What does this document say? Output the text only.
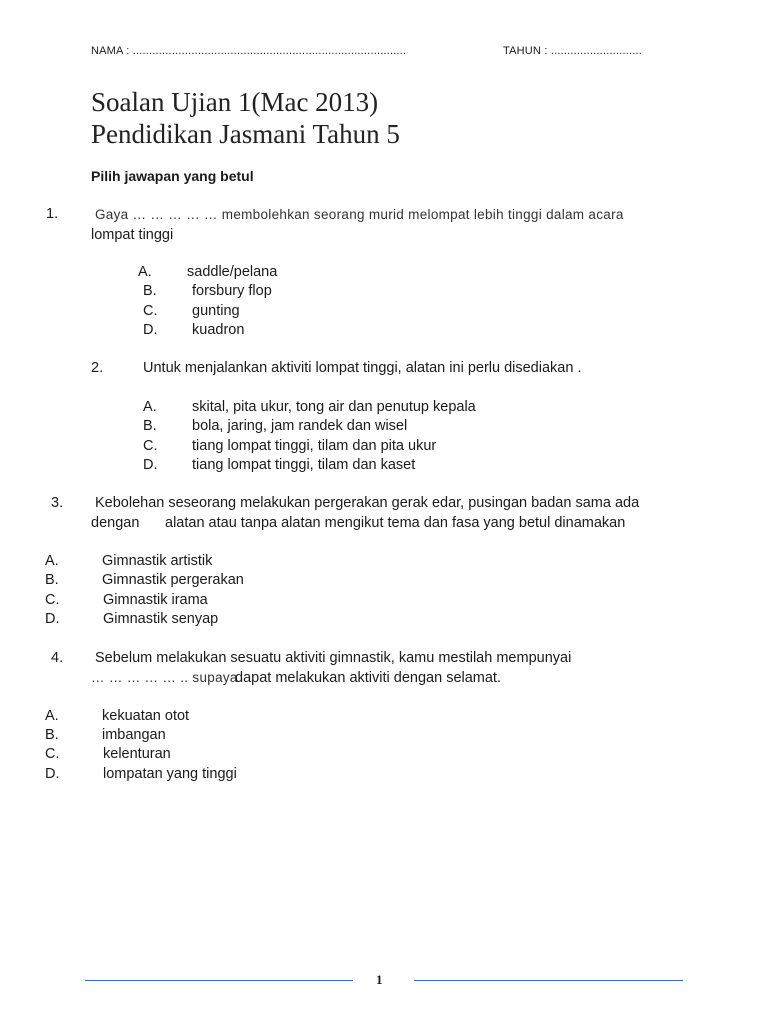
NAMA : ....................................................................................	TAHUN : ............................
Soalan Ujian 1(Mac 2013)
Pendidikan Jasmani Tahun 5
Pilih jawapan yang betul
1.	Gaya … … … … … membolehkan seorang murid melompat lebih tinggi dalam acara
lompat tinggi
A. saddle/pelana
B. forsbury flop
C. gunting
D. kuadron
2.	Untuk menjalankan aktiviti lompat tinggi, alatan ini perlu disediakan .
A. skital, pita ukur, tong air dan penutup kepala
B. bola, jaring, jam randek dan wisel
C. tiang lompat tinggi, tilam dan pita ukur
D. tiang lompat tinggi, tilam dan kaset
3. Kebolehan seseorang melakukan pergerakan gerak edar, pusingan badan sama ada
dengan alatan atau tanpa alatan mengikut tema dan fasa yang betul dinamakan
A.	Gimnastik artistik
B.	Gimnastik pergerakan
C.	Gimnastik irama
D.	Gimnastik senyap
4. Sebelum melakukan sesuatu aktiviti gimnastik, kamu mestilah mempunyai
… … … … … .. supaya
dapat melakukan aktiviti dengan selamat.
A.	kekuatan otot
B.	imbangan
C.	kelenturan
D.	lompatan yang tinggi
1
